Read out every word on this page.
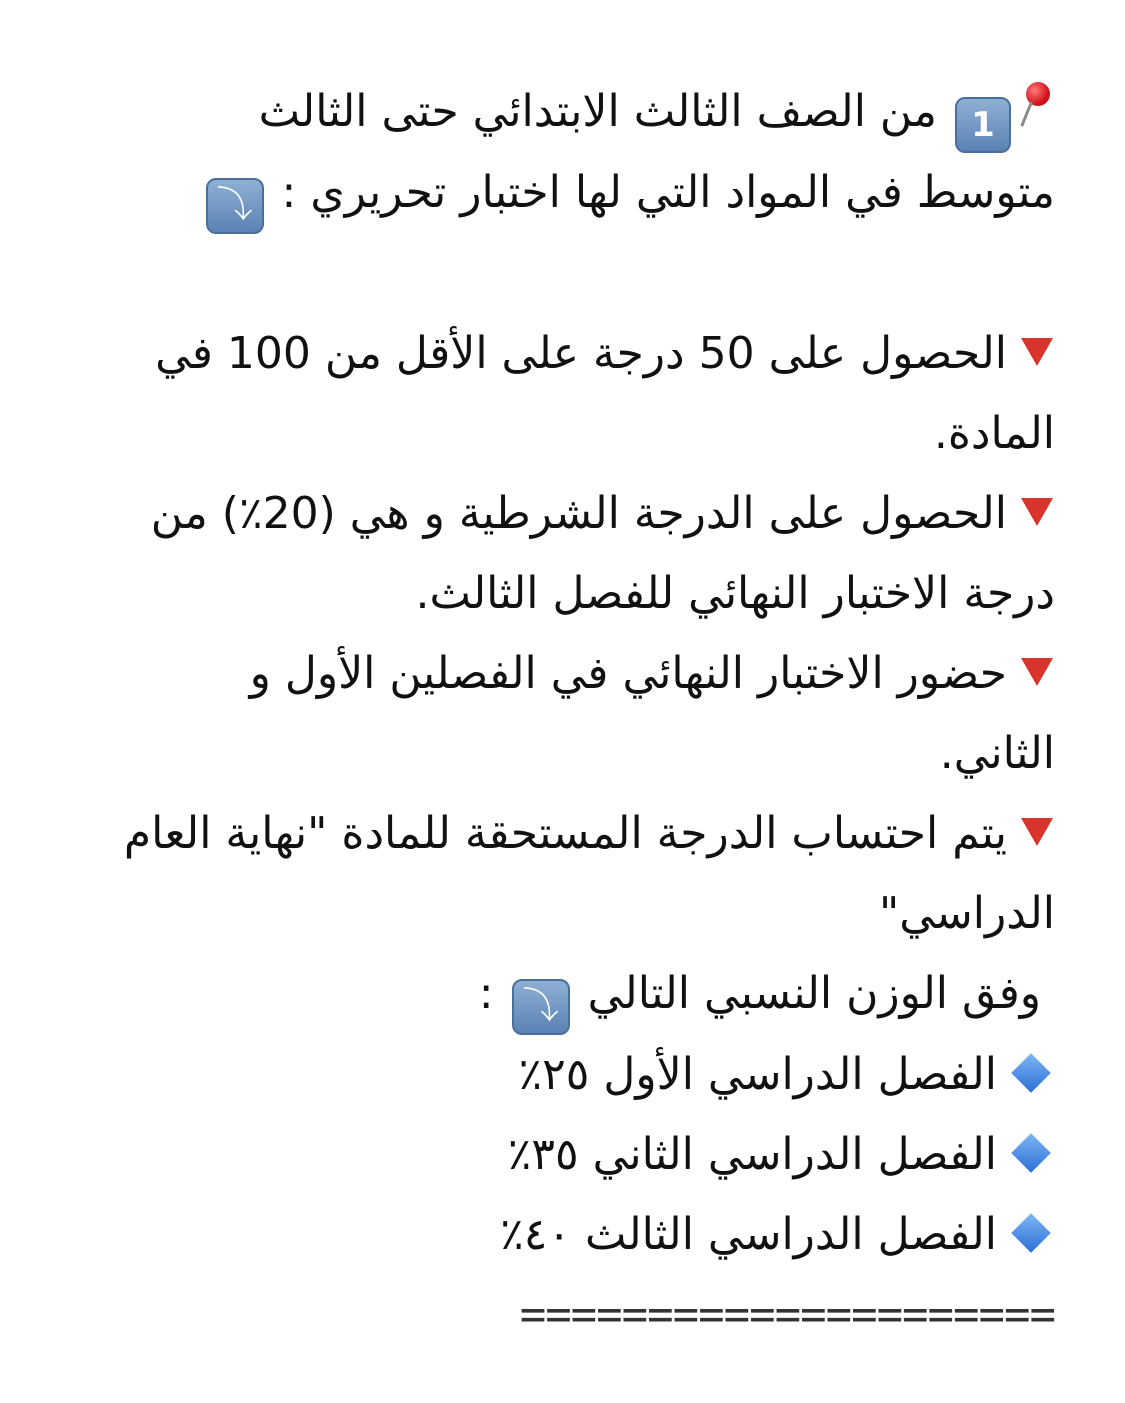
1 من الصف الثالث الابتدائي حتى الثالث
متوسط في المواد التي لها اختبار تحريري : ⤵
الحصول على 50 درجة على الأقل من 100 في المادة.
الحصول على الدرجة الشرطية و هي (20٪) من درجة الاختبار النهائي للفصل الثالث.
حضور الاختبار النهائي في الفصلين الأول و الثاني.
يتم احتساب الدرجة المستحقة للمادة "نهاية العام الدراسي"
وفق الوزن النسبي التالي ⤵ :
الفصل الدراسي الأول ٢٥٪
الفصل الدراسي الثاني ٣٥٪
الفصل الدراسي الثالث ٤٠٪
=====================
